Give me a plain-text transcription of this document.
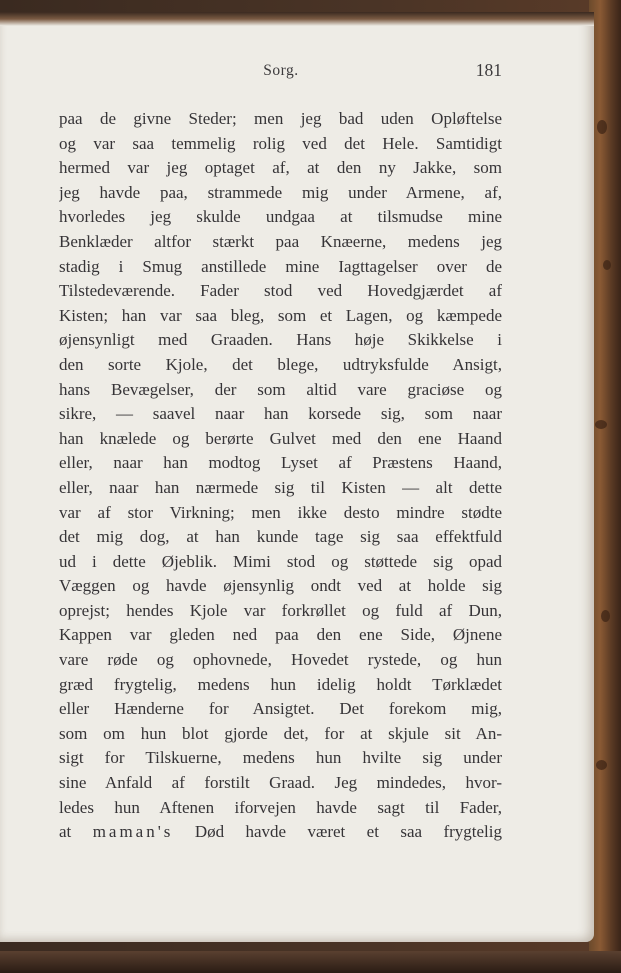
Sorg.	181
paa de givne Steder; men jeg bad uden Opløftelse
og var saa temmelig rolig ved det Hele. Samtidigt
hermed var jeg optaget af, at den ny Jakke, som
jeg havde paa, strammede mig under Armene, af,
hvorledes jeg skulde undgaa at tilsmudse mine
Benklæder altfor stærkt paa Knæerne, medens jeg
stadig i Smug anstillede mine Iagttagelser over de
Tilstedeværende. Fader stod ved Hovedgjærdet af
Kisten; han var saa bleg, som et Lagen, og kæmpede
øjensynligt med Graaden. Hans høje Skikkelse i
den sorte Kjole, det blege, udtryksfulde Ansigt,
hans Bevægelser, der som altid vare graciøse og
sikre, — saavel naar han korsede sig, som naar
han knælede og berørte Gulvet med den ene Haand
eller, naar han modtog Lyset af Præstens Haand,
eller, naar han nærmede sig til Kisten — alt dette
var af stor Virkning; men ikke desto mindre stødte
det mig dog, at han kunde tage sig saa effektfuld
ud i dette Øjeblik. Mimi stod og støttede sig opad
Væggen og havde øjensynlig ondt ved at holde sig
oprejst; hendes Kjole var forkrøllet og fuld af Dun,
Kappen var gleden ned paa den ene Side, Øjnene
vare røde og ophovnede, Hovedet rystede, og hun
græd frygtelig, medens hun idelig holdt Tørklædet
eller Hænderne for Ansigtet. Det forekom mig,
som om hun blot gjorde det, for at skjule sit An-
sigt for Tilskuerne, medens hun hvilte sig under
sine Anfald af forstilt Graad. Jeg mindedes, hvor-
ledes hun Aftenen iforvejen havde sagt til Fader,
at maman's Død havde været et saa frygtelig
